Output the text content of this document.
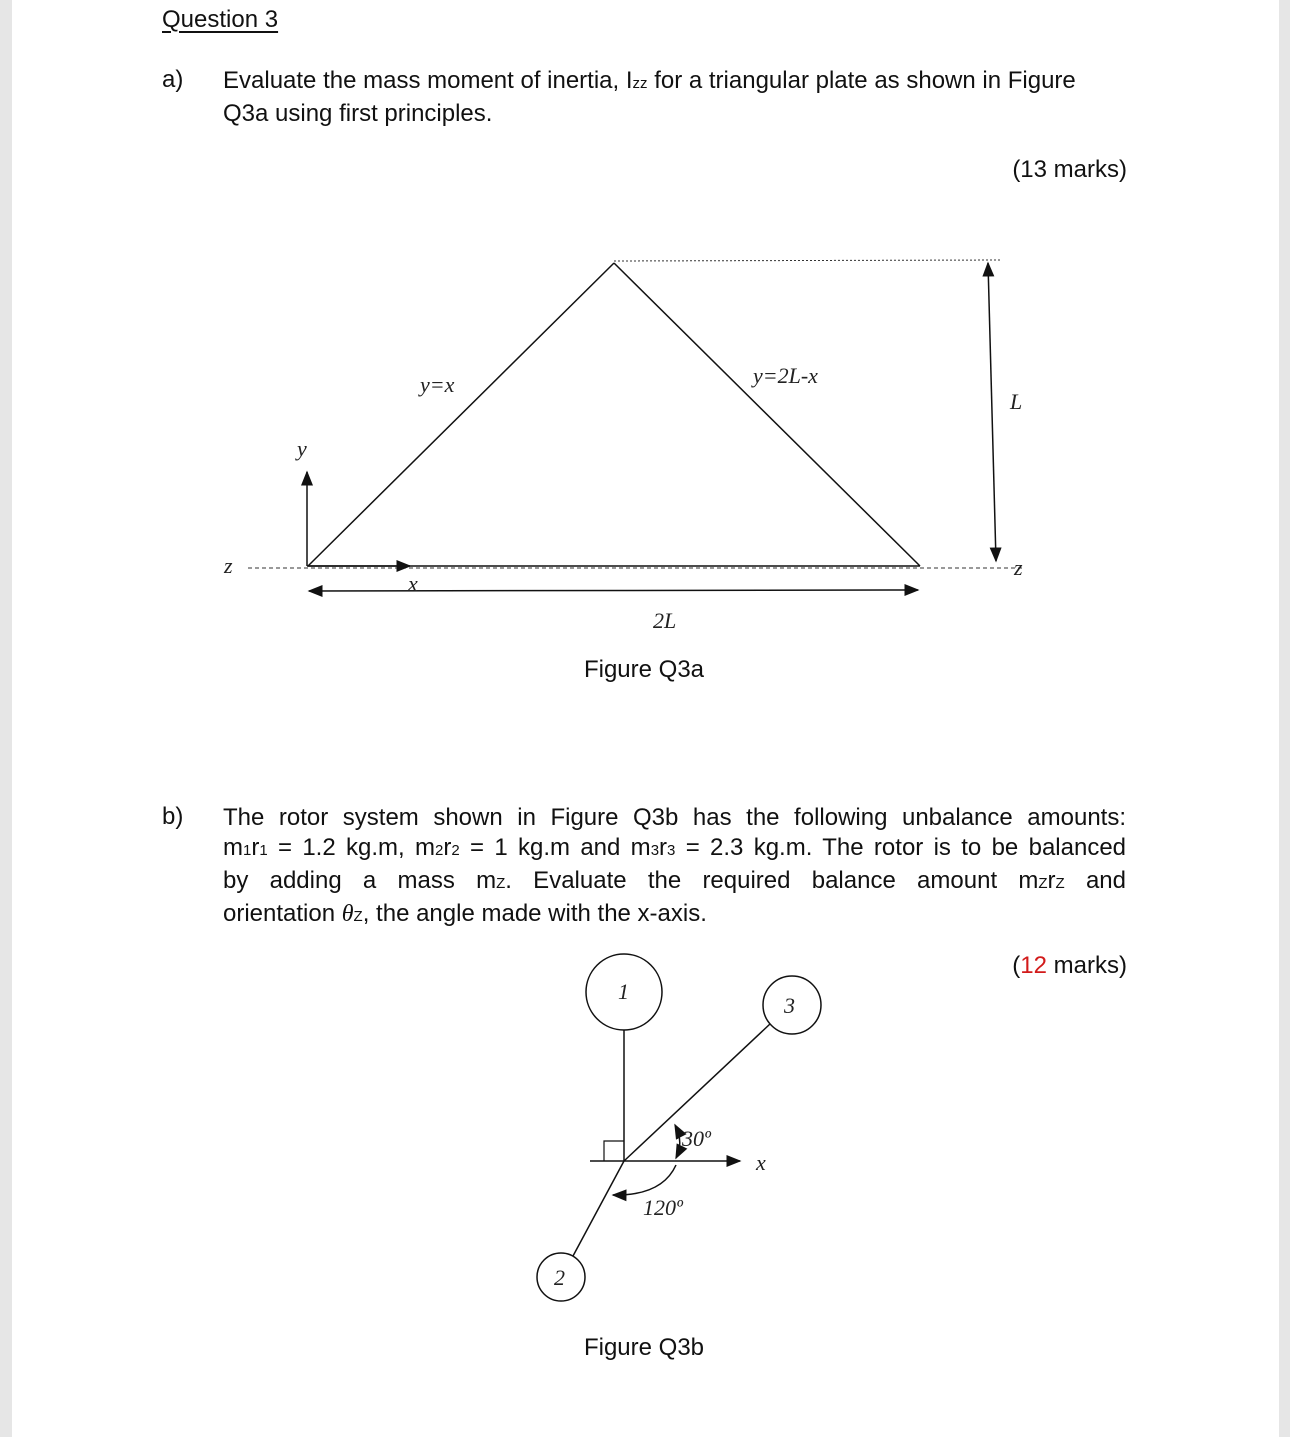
Question 3
a) Evaluate the mass moment of inertia, Izz for a triangular plate as shown in Figure
Q3a using first principles.
(13 marks)
y=x	y=2L-x
L
2L
y
x
z	z
1
3
2
30º
120º
x
Figure Q3a
b) The rotor system shown in Figure Q3b has the following unbalance amounts:
m1r1 = 1.2 kg.m, m2r2 = 1 kg.m and m3r3 = 2.3 kg.m. The rotor is to be balanced
by adding a mass mZ. Evaluate the required balance amount mZrZ and
orientation θZ, the angle made with the x-axis.
(12 marks)
Figure Q3b
